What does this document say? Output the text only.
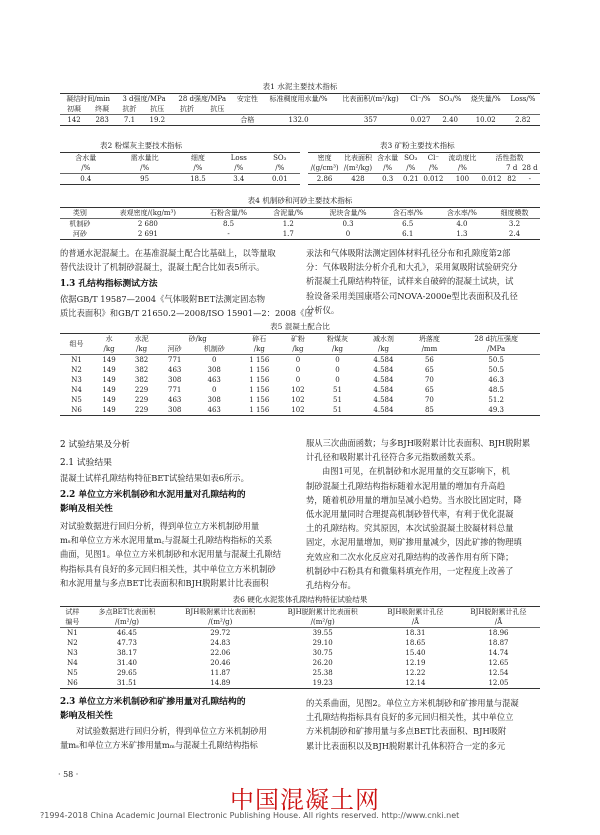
表1 水泥主要技术指标
凝结时间/min		3 d强度/MPa		28 d强度/MPa		安定性	标准稠度用水量/%	比表面积/(m²/kg)	Cl⁻/%	SO₃/%	烧失量/%	Loss/%
初凝	终凝	抗折	抗压	抗折	抗压							
142	283	7.1	19.2			合格	132.0	357	0.027	2.40	10.02	2.82
表2 粉煤灰主要技术指标
含水量	需水量比	细度	Loss	SO₃
/%	/%	/%	/%	/%
0.4	95	18.5	3.4	0.01
表3 矿粉主要技术指标
密度	比表面积	含水量	SO₃	Cl⁻	流动度比	活性指数		
/(g/cm³)	/(m²/kg)	/%	/%	/%	/%		7 d	28 d
2.86	428	0.3	0.21	0.012	100	0.012	82	-
表4 机制砂和河砂主要技术指标
类别	表观密度/(kg/m³)	石粉含量/%	含泥量/%	泥块含量/%	含石率/%	含水率/%	细度模数
机制砂	2 680	8.5	1.2	0.3	6.5	4.0	3.2
河砂	2 691	-	1.7	0	6.1	1.3	2.4
的普通水泥混凝土。在基准混凝土配合比基础上，以等量取
替代法设计了机制砂混凝土，混凝土配合比如表5所示。
1.3 孔结构指标测试方法
依据GB/T 19587—2004《气体吸附BET法测定固态物
质比表面积》和GB/T 21650.2—2008/ISO 15901—2：2008《压
汞法和气体吸附法测定固体材料孔径分布和孔隙度第2部
分：气体吸附法分析介孔和大孔》，采用氮吸附试验研究分
析混凝土孔隙结构特征，试样来自破碎的混凝土试块，试
验设备采用美国康塔公司NOVA-2000e型比表面积及孔径
分析仪。
表5 混凝土配合比
组号	水	水泥	砂/kg		碎石	矿粉	粉煤灰	减水剂	坍落度	28 d抗压强度
	/kg	/kg	河砂	机制砂	/kg	/kg	/kg	/kg	/mm	/MPa
N1	149	382	771	0	1 156	0	0	4.584	56	50.5
N2	149	382	463	308	1 156	0	0	4.584	65	50.5
N3	149	382	308	463	1 156	0	0	4.584	70	46.3
N4	149	229	771	0	1 156	102	51	4.584	65	48.5
N5	149	229	463	308	1 156	102	51	4.584	70	51.2
N6	149	229	308	463	1 156	102	51	4.584	85	49.3
2 试验结果及分析
2.1 试验结果
混凝土试样孔隙结构特征BET试验结果如表6所示。
2.2 单位立方米机制砂和水泥用量对孔隙结构的
影响及相关性
对试验数据进行回归分析，得到单位立方米机制砂用量
mₛ和单位立方米水泥用量m꜀与混凝土孔隙结构指标的关系
曲面，见图1。单位立方米机制砂和水泥用量与混凝土孔隙结
构指标具有良好的多元回归相关性，其中单位立方米机制砂
和水泥用量与多点BET比表面积和BJH脱附累计比表面积
服从三次曲面函数；与多BJH吸附累计比表面积、BJH脱附累
计孔径和吸附累计孔径符合多元指数函数关系。
由图1可见，在机制砂和水泥用量的交互影响下，机
制砂混凝土孔隙结构指标随着水泥用量的增加有升高趋
势，随着机砂用量的增加呈减小趋势。当水胶比固定时，降
低水泥用量同时合理提高机制砂替代率，有利于优化混凝
土的孔隙结构。究其原因，本次试验混凝土胶凝材料总量
固定，水泥用量增加，则矿掺用量减少，因此矿掺的物理填
充效应和二次水化反应对孔隙结构的改善作用有所下降；
机制砂中石粉具有和微集料填充作用，一定程度上改善了
孔结构分布。
表6 硬化水泥浆体孔隙结构特征试验结果
试样	多点BET比表面积	BJH吸附累计比表面积	BJH脱附累计比表面积	BJH吸附累计孔径	BJH脱附累计孔径
编号	/(m²/g)	/(m²/g)	/(m²/g)	/Å	/Å
N1	46.45	29.72	39.55	18.31	18.96
N2	47.73	24.83	29.10	18.65	18.87
N3	38.17	22.06	30.75	15.40	14.74
N4	31.40	20.46	26.20	12.19	12.65
N5	29.65	11.87	25.38	12.22	12.54
N6	31.51	14.89	19.23	12.14	12.05
2.3 单位立方米机制砂和矿掺用量对孔隙结构的
影响及相关性
对试验数据进行回归分析，得到单位立方米机制砂用
量mₛ和单位立方米矿掺用量mₘ与混凝土孔隙结构指标
的关系曲面，见图2。单位立方米机制砂和矿掺用量与混凝
土孔隙结构指标具有良好的多元回归相关性，其中单位立
方米机制砂和矿掺用量与多点BET比表面积、BJH吸附
累计比表面积以及BJH脱附累计孔体积符合一定的多元
· 58 ·
中国混凝土网
?1994-2018 China Academic Journal Electronic Publishing House. All rights reserved. http://www.cnki.net
